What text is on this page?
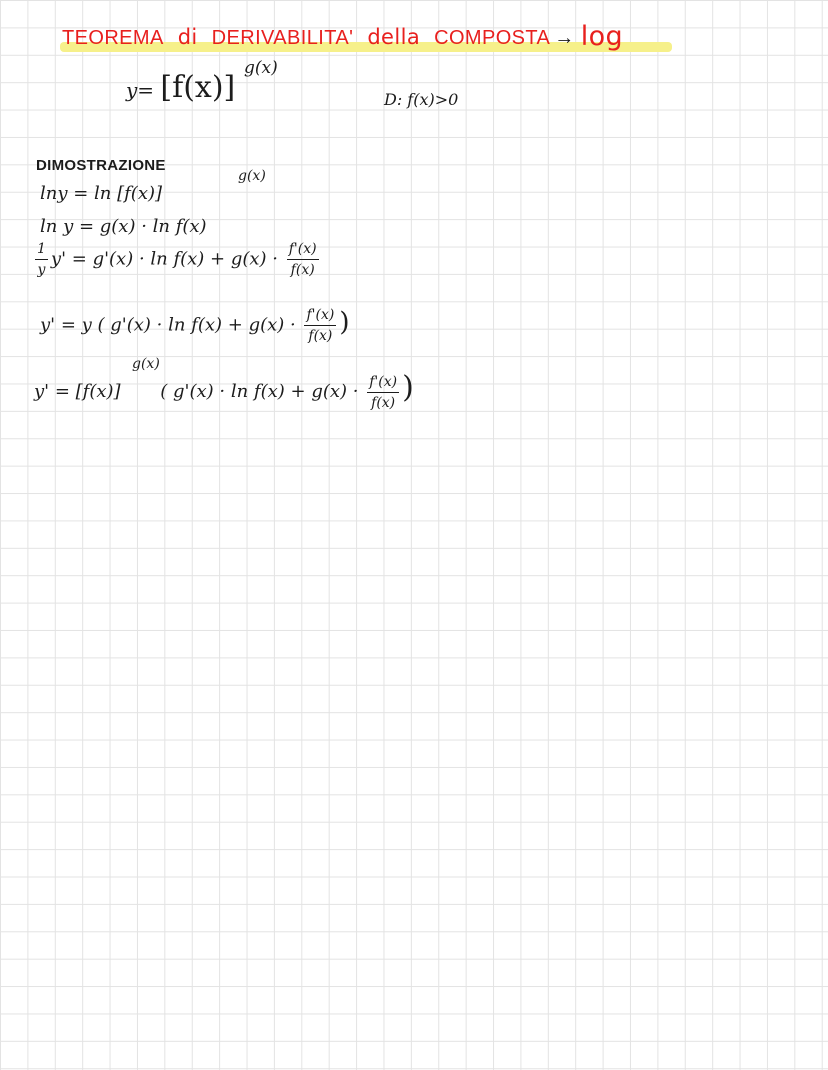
TEOREMA di DERIVABILITA' della COMPOSTA → log
y= [f(x)]
g(x)
D: f(x)>0
DIMOSTRAZIONE
lny = ln [f(x)]
g(x)
ln y = g(x) · ln f(x)
$\frac{1}{y} y' = g'(x) \cdot \ln f(x) + g(x) \cdot \frac{f'(x)}{f(x)}$
y' = y ( $g'(x) \cdot \ln f(x) + g(x) \cdot \frac{f'(x)}{f(x)}$ )
y' = [f(x)] ( $g'(x) \cdot \ln f(x) + g(x) \cdot \frac{f'(x)}{f(x)}$ )
g(x)
